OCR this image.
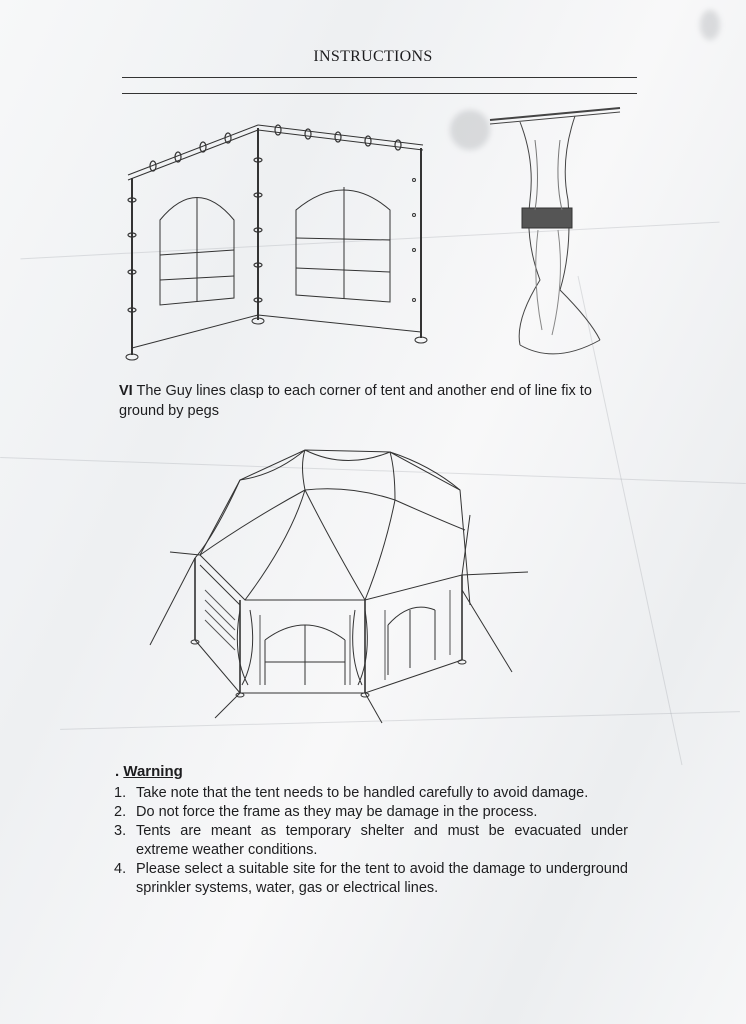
INSTRUCTIONS
VI The Guy lines clasp to each corner of tent and another end of line fix to ground by pegs
. Warning
1. Take note that the tent needs to be handled carefully to avoid damage.
2. Do not force the frame as they may be damage in the process.
3. Tents are meant as temporary shelter and must be evacuated under extreme weather conditions.
4. Please select a suitable site for the tent to avoid the damage to underground sprinkler systems, water, gas or electrical lines.
